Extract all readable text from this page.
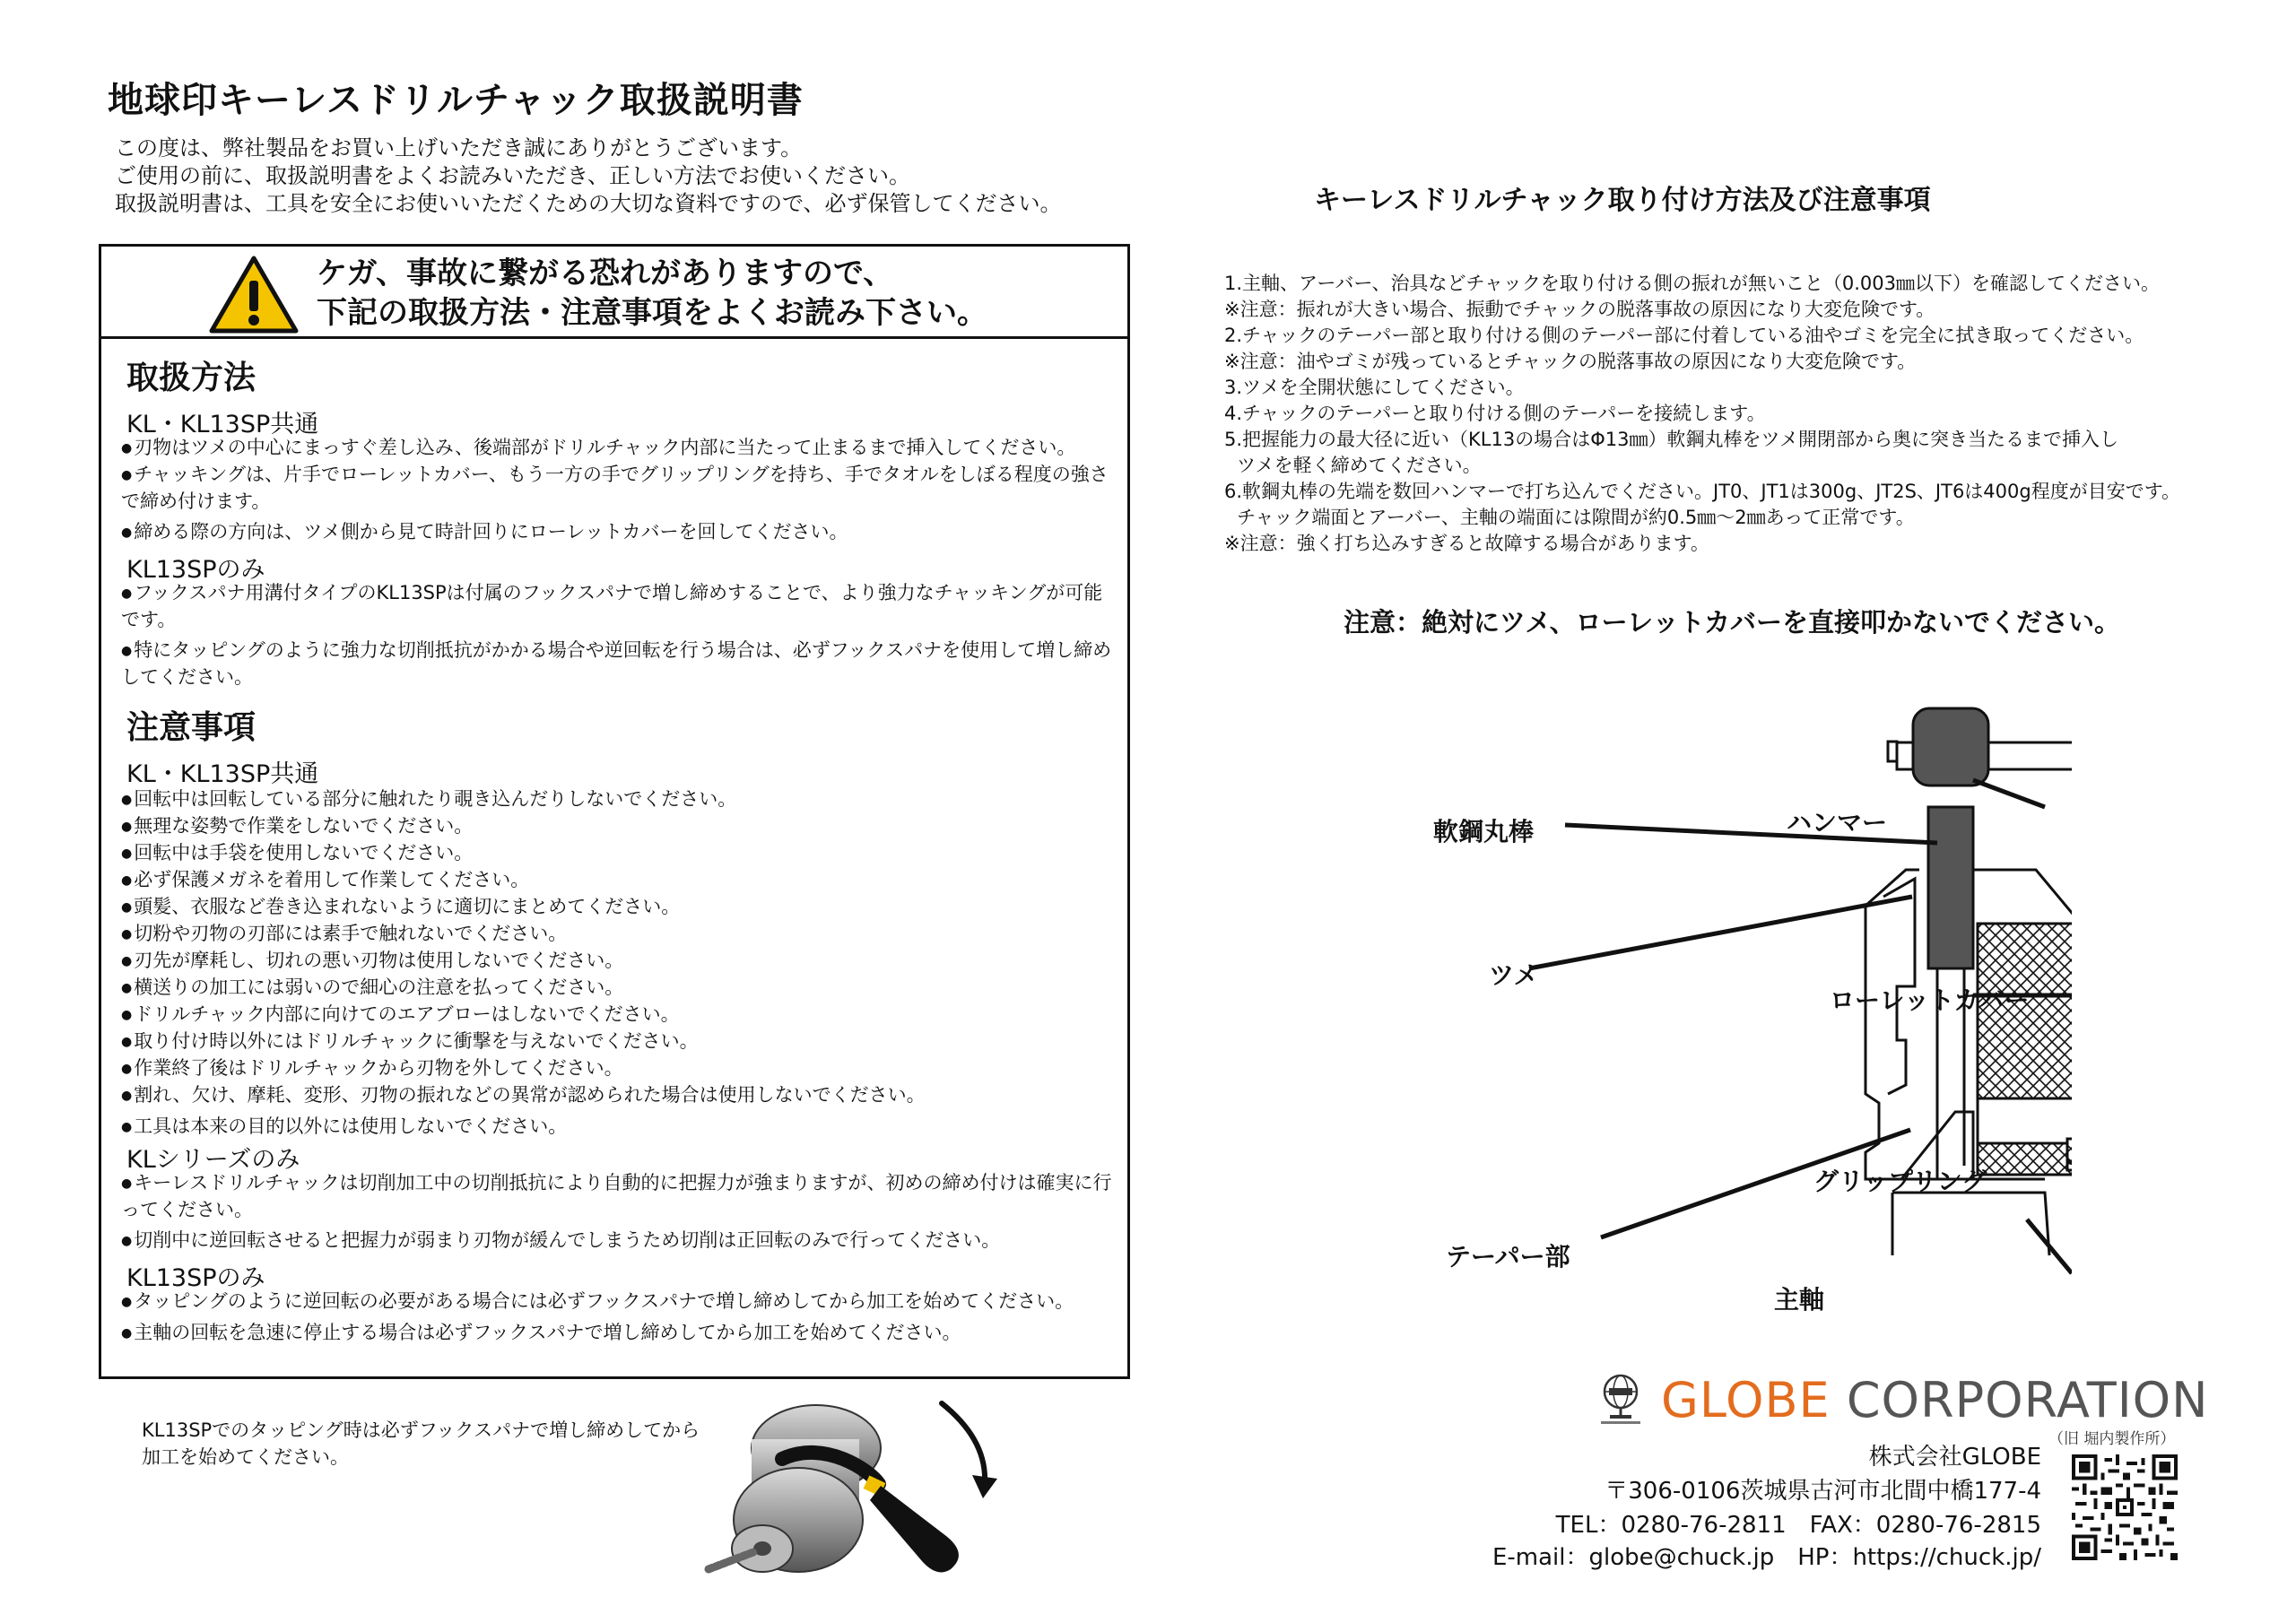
地球印キーレスドリルチャック取扱説明書
この度は、弊社製品をお買い上げいただき誠にありがとうございます。
ご使用の前に、取扱説明書をよくお読みいただき、正しい方法でお使いください。
取扱説明書は、工具を安全にお使いいただくための大切な資料ですので、必ず保管してください。
ケガ、事故に繋がる恐れがありますので、
下記の取扱方法・注意事項をよくお読み下さい。
取扱方法
KL・KL13SP共通
● 刃物はツメの中心にまっすぐ差し込み、後端部がドリルチャック内部に当たって止まるまで挿入してください。
● チャッキングは、片手でローレットカバー、もう一方の手でグリップリングを持ち、手でタオルをしぼる程度の強さで締め付けます。
● 締める際の方向は、ツメ側から見て時計回りにローレットカバーを回してください。
KL13SPのみ
● フックスパナ用溝付タイプのKL13SPは付属のフックスパナで増し締めすることで、より強力なチャッキングが可能です。
● 特にタッピングのように強力な切削抵抗がかかる場合や逆回転を行う場合は、必ずフックスパナを使用して増し締めしてください。
注意事項
KL・KL13SP共通
● 回転中は回転している部分に触れたり覗き込んだりしないでください。
● 無理な姿勢で作業をしないでください。
● 回転中は手袋を使用しないでください。
● 必ず保護メガネを着用して作業してください。
● 頭髪、衣服など巻き込まれないように適切にまとめてください。
● 切粉や刃物の刃部には素手で触れないでください。
● 刃先が摩耗し、切れの悪い刃物は使用しないでください。
● 横送りの加工には弱いので細心の注意を払ってください。
● ドリルチャック内部に向けてのエアブローはしないでください。
● 取り付け時以外にはドリルチャックに衝撃を与えないでください。
● 作業終了後はドリルチャックから刃物を外してください。
● 割れ、欠け、摩耗、変形、刃物の振れなどの異常が認められた場合は使用しないでください。
● 工具は本来の目的以外には使用しないでください。
KLシリーズのみ
● キーレスドリルチャックは切削加工中の切削抵抗により自動的に把握力が強まりますが、初めの締め付けは確実に行ってください。
● 切削中に逆回転させると把握力が弱まり刃物が緩んでしまうため切削は正回転のみで行ってください。
KL13SPのみ
● タッピングのように逆回転の必要がある場合には必ずフックスパナで増し締めしてから加工を始めてください。
● 主軸の回転を急速に停止する場合は必ずフックスパナで増し締めしてから加工を始めてください。
KL13SPでのタッピング時は必ずフックスパナで増し締めしてから
加工を始めてください。
キーレスドリルチャック取り付け方法及び注意事項
1.主軸、アーバー、治具などチャックを取り付ける側の振れが無いこと（0.003㎜以下）を確認してください。
※注意：振れが大きい場合、振動でチャックの脱落事故の原因になり大変危険です。
2.チャックのテーパー部と取り付ける側のテーパー部に付着している油やゴミを完全に拭き取ってください。
※注意：油やゴミが残っているとチャックの脱落事故の原因になり大変危険です。
3.ツメを全開状態にしてください。
4.チャックのテーパーと取り付ける側のテーパーを接続します。
5.把握能力の最大径に近い（KL13の場合はΦ13㎜）軟鋼丸棒をツメ開閉部から奥に突き当たるまで挿入し
ツメを軽く締めてください。
6.軟鋼丸棒の先端を数回ハンマーで打ち込んでください。JT0、JT1は300g、JT2S、JT6は400g程度が目安です。
チャック端面とアーバー、主軸の端面には隙間が約0.5㎜～2㎜あって正常です。
※注意：強く打ち込みすぎると故障する場合があります。
注意：絶対にツメ、ローレットカバーを直接叩かないでください。
軟鋼丸棒	ハンマー
ツメ
ローレットカバー
グリップリング
テーパー部
主軸
GLOBE CORPORATION
（旧 堀内製作所）
株式会社GLOBE
〒306-0106茨城県古河市北間中橋177-4
TEL：0280-76-2811　FAX：0280-76-2815
E-mail：globe@chuck.jp　HP：https://chuck.jp/
